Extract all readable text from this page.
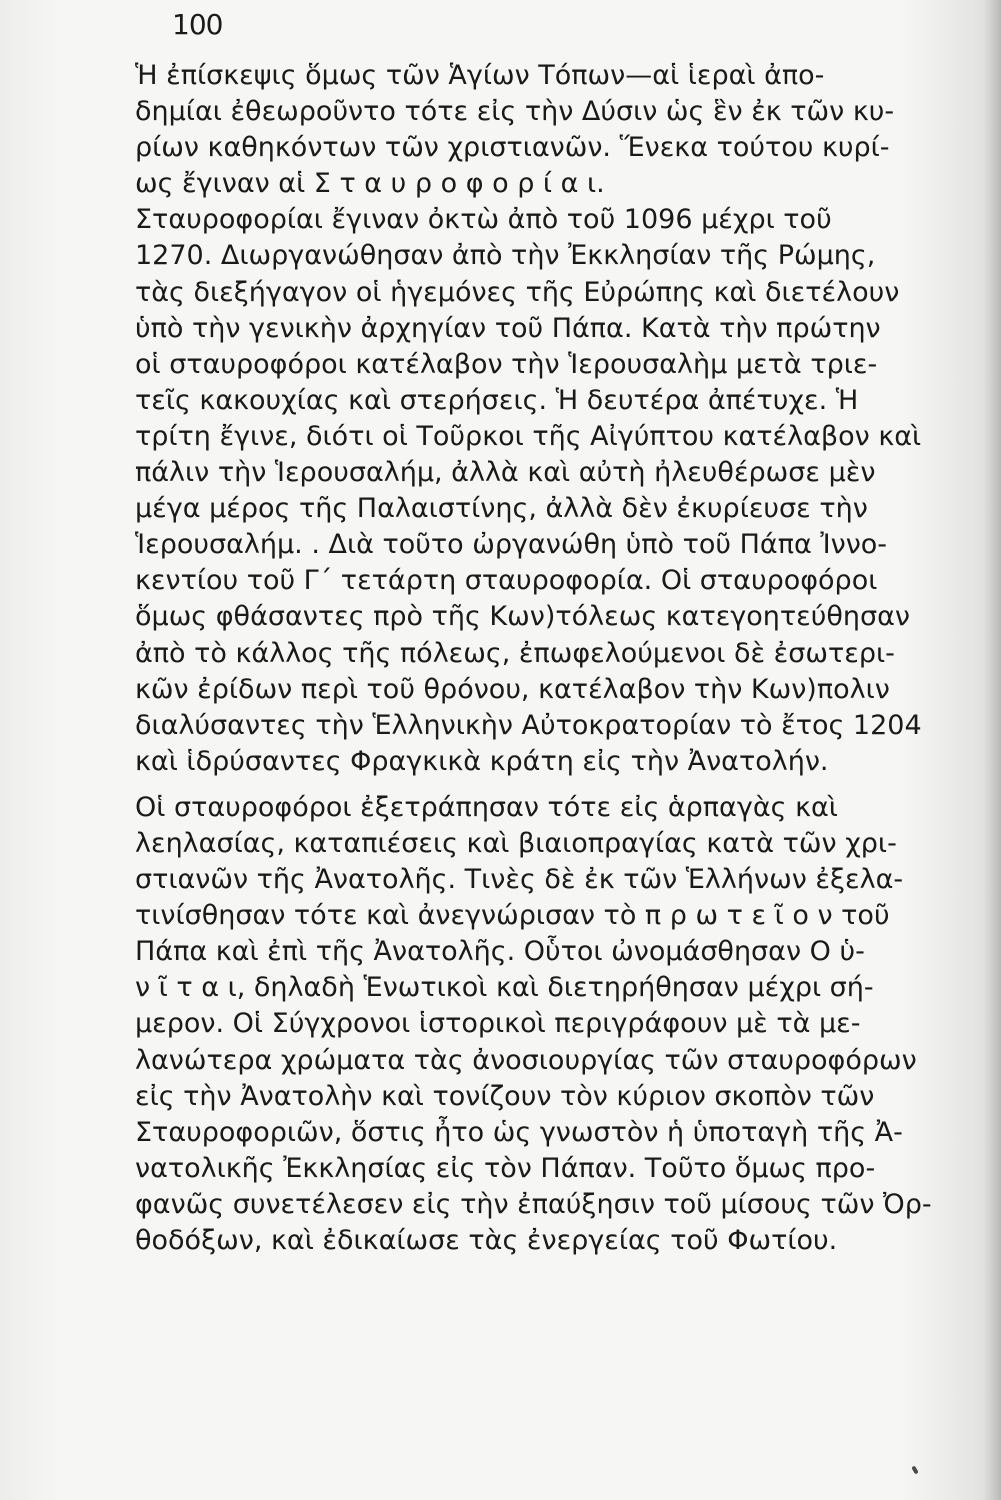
100
Ἡ ἐπίσκεψις ὅμως τῶν Ἁγίων Τόπων—αἱ ἱεραὶ ἀπο-
δημίαι ἐθεωροῦντο τότε εἰς τὴν Δύσιν ὡς ἓν ἐκ τῶν κυ-
ρίων καθηκόντων τῶν χριστιανῶν. Ἕνεκα τούτου κυρί-
ως ἔγιναν αἱ Σ τ α υ ρ ο φ ο ρ ί α ι.
Σταυροφορίαι ἔγιναν ὀκτὼ ἀπὸ τοῦ 1096 μέχρι τοῦ
1270. Διωργανώθησαν ἀπὸ τὴν Ἐκκλησίαν τῆς Ρώμης,
τὰς διεξήγαγον οἱ ἡγεμόνες τῆς Εὐρώπης καὶ διετέλουν
ὑπὸ τὴν γενικὴν ἀρχηγίαν τοῦ Πάπα. Κατὰ τὴν πρώτην
οἱ σταυροφόροι κατέλαβον τὴν Ἱερουσαλὴμ μετὰ τριε-
τεῖς κακουχίας καὶ στερήσεις. Ἡ δευτέρα ἀπέτυχε. Ἡ
τρίτη ἔγινε, διότι οἱ Τοῦρκοι τῆς Αἰγύπτου κατέλαβον καὶ
πάλιν τὴν Ἱερουσαλήμ, ἀλλὰ καὶ αὐτὴ ἠλευθέρωσε μὲν
μέγα μέρος τῆς Παλαιστίνης, ἀλλὰ δὲν ἐκυρίευσε τὴν
Ἱερουσαλήμ. . Διὰ τοῦτο ὠργανώθη ὑπὸ τοῦ Πάπα Ἰννο-
κεντίου τοῦ Γ΄ τετάρτη σταυροφορία. Οἱ σταυροφόροι
ὅμως φθάσαντες πρὸ τῆς Κων)τόλεως κατεγοητεύθησαν
ἀπὸ τὸ κάλλος τῆς πόλεως, ἐπωφελούμενοι δὲ ἐσωτερι-
κῶν ἐρίδων περὶ τοῦ θρόνου, κατέλαβον τὴν Κων)πολιν
διαλύσαντες τὴν Ἑλληνικὴν Αὐτοκρατορίαν τὸ ἔτος 1204
καὶ ἱδρύσαντες Φραγκικὰ κράτη εἰς τὴν Ἀνατολήν.
Οἱ σταυροφόροι ἐξετράπησαν τότε εἰς ἁρπαγὰς καὶ
λεηλασίας, καταπιέσεις καὶ βιαιοπραγίας κατὰ τῶν χρι-
στιανῶν τῆς Ἀνατολῆς. Τινὲς δὲ ἐκ τῶν Ἑλλήνων ἐξελα-
τινίσθησαν τότε καὶ ἀνεγνώρισαν τὸ π ρ ω τ ε ῖ ο ν τοῦ
Πάπα καὶ ἐπὶ τῆς Ἀνατολῆς. Οὗτοι ὠνομάσθησαν Ο ὑ-
ν ῖ τ α ι, δηλαδὴ Ἑνωτικοὶ καὶ διετηρήθησαν μέχρι σή-
μερον. Οἱ Σύγχρονοι ἱστορικοὶ περιγράφουν μὲ τὰ με-
λανώτερα χρώματα τὰς ἀνοσιουργίας τῶν σταυροφόρων
εἰς τὴν Ἀνατολὴν καὶ τονίζουν τὸν κύριον σκοπὸν τῶν
Σταυροφοριῶν, ὅστις ἦτο ὡς γνωστὸν ἡ ὑποταγὴ τῆς Ἀ-
νατολικῆς Ἐκκλησίας εἰς τὸν Πάπαν. Τοῦτο ὅμως προ-
φανῶς συνετέλεσεν εἰς τὴν ἐπαύξησιν τοῦ μίσους τῶν Ὀρ-
θοδόξων, καὶ ἐδικαίωσε τὰς ἐνεργείας τοῦ Φωτίου.
